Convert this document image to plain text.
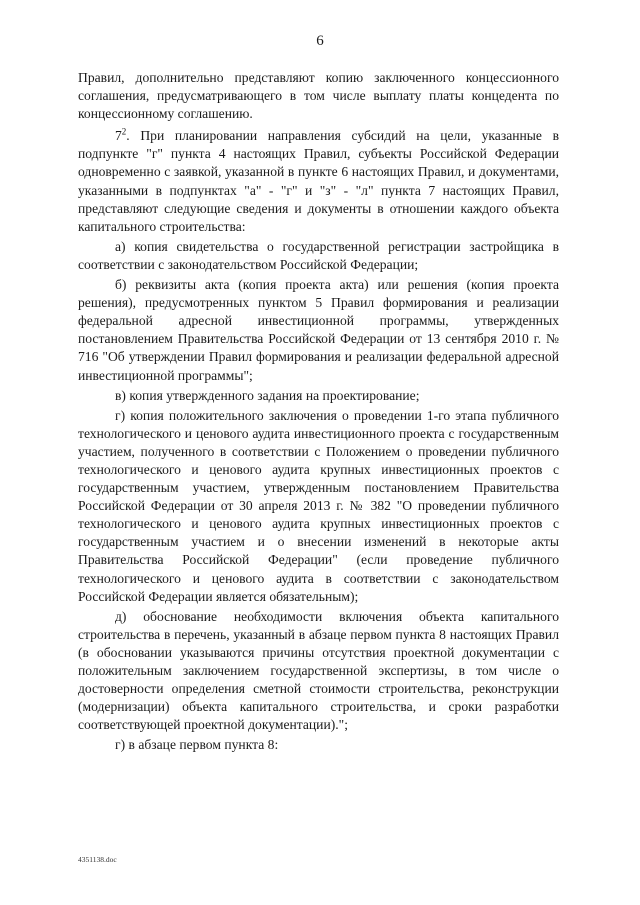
6

Правил, дополнительно представляют копию заключенного концессионного соглашения, предусматривающего в том числе выплату платы концедента по концессионному соглашению.

$7^2$. При планировании направления субсидий на цели, указанные в подпункте "г" пункта 4 настоящих Правил, субъекты Российской Федерации одновременно с заявкой, указанной в пункте 6 настоящих Правил, и документами, указанными в подпунктах "а" - "г" и "з" - "л" пункта 7 настоящих Правил, представляют следующие сведения и документы в отношении каждого объекта капитального строительства:

а) копия свидетельства о государственной регистрации застройщика в соответствии с законодательством Российской Федерации;

б) реквизиты акта (копия проекта акта) или решения (копия проекта решения), предусмотренных пунктом 5 Правил формирования и реализации федеральной адресной инвестиционной программы, утвержденных постановлением Правительства Российской Федерации от 13 сентября 2010 г. № 716 "Об утверждении Правил формирования и реализации федеральной адресной инвестиционной программы";

в) копия утвержденного задания на проектирование;

г) копия положительного заключения о проведении 1-го этапа публичного технологического и ценового аудита инвестиционного проекта с государственным участием, полученного в соответствии с Положением о проведении публичного технологического и ценового аудита крупных инвестиционных проектов с государственным участием, утвержденным постановлением Правительства Российской Федерации от 30 апреля 2013 г. № 382 "О проведении публичного технологического и ценового аудита крупных инвестиционных проектов с государственным участием и о внесении изменений в некоторые акты Правительства Российской Федерации" (если проведение публичного технологического и ценового аудита в соответствии с законодательством Российской Федерации является обязательным);

д) обоснование необходимости включения объекта капитального строительства в перечень, указанный в абзаце первом пункта 8 настоящих Правил (в обосновании указываются причины отсутствия проектной документации с положительным заключением государственной экспертизы, в том числе о достоверности определения сметной стоимости строительства, реконструкции (модернизации) объекта капитального строительства, и сроки разработки соответствующей проектной документации).";

г) в абзаце первом пункта 8:

4351138.doc
